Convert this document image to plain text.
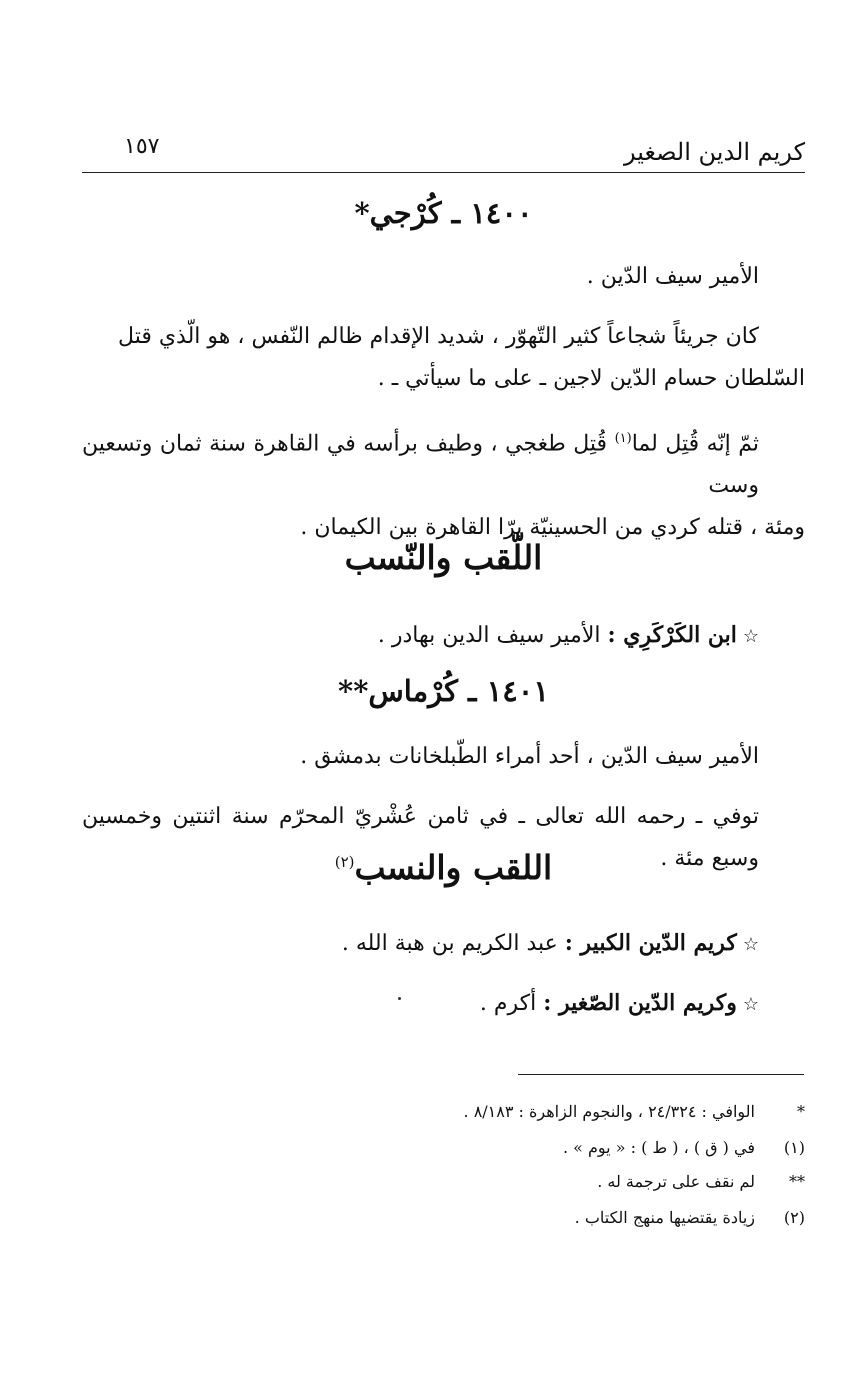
كريم الدين الصغير
١٥٧
١٤٠٠ ـ كُرْجي*
الأمير سيف الدّين .
كان جريئاً شجاعاً كثير التّهوّر ، شديد الإقدام ظالم النّفس ، هو الّذي قتل
السّلطان حسام الدّين لاجين ـ على ما سيأتي ـ .
ثمّ إنّه قُتِل لما$^{(١)}$ قُتِل طغجي ، وطيف برأسه في القاهرة سنة ثمان وتسعين وست
ومئة ، قتله كردي من الحسينيّة برّا القاهرة بين الكيمان .
اللّقب والنّسب
☆ابن الكَرْكَرِي : الأمير سيف الدين بهادر .
١٤٠١ ـ كُرْماس**
الأمير سيف الدّين ، أحد أمراء الطّبلخانات بدمشق .
توفي ـ رحمه الله تعالى ـ في ثامن عُشْريّ المحرّم سنة اثنتين وخمسين وسبع مئة .
اللقب والنسب$^{(٢)}$
☆كريم الدّين الكبير : عبد الكريم بن هبة الله .
☆وكريم الدّين الصّغير : أكرم .
*
الوافي : ٢٤/٣٢٤ ، والنجوم الزاهرة : ٨/١٨٣ .
(١)
في ( ق ) ، ( ط ) : « يوم » .
**
لم نقف على ترجمة له .
(٢)
زيادة يقتضيها منهج الكتاب .
